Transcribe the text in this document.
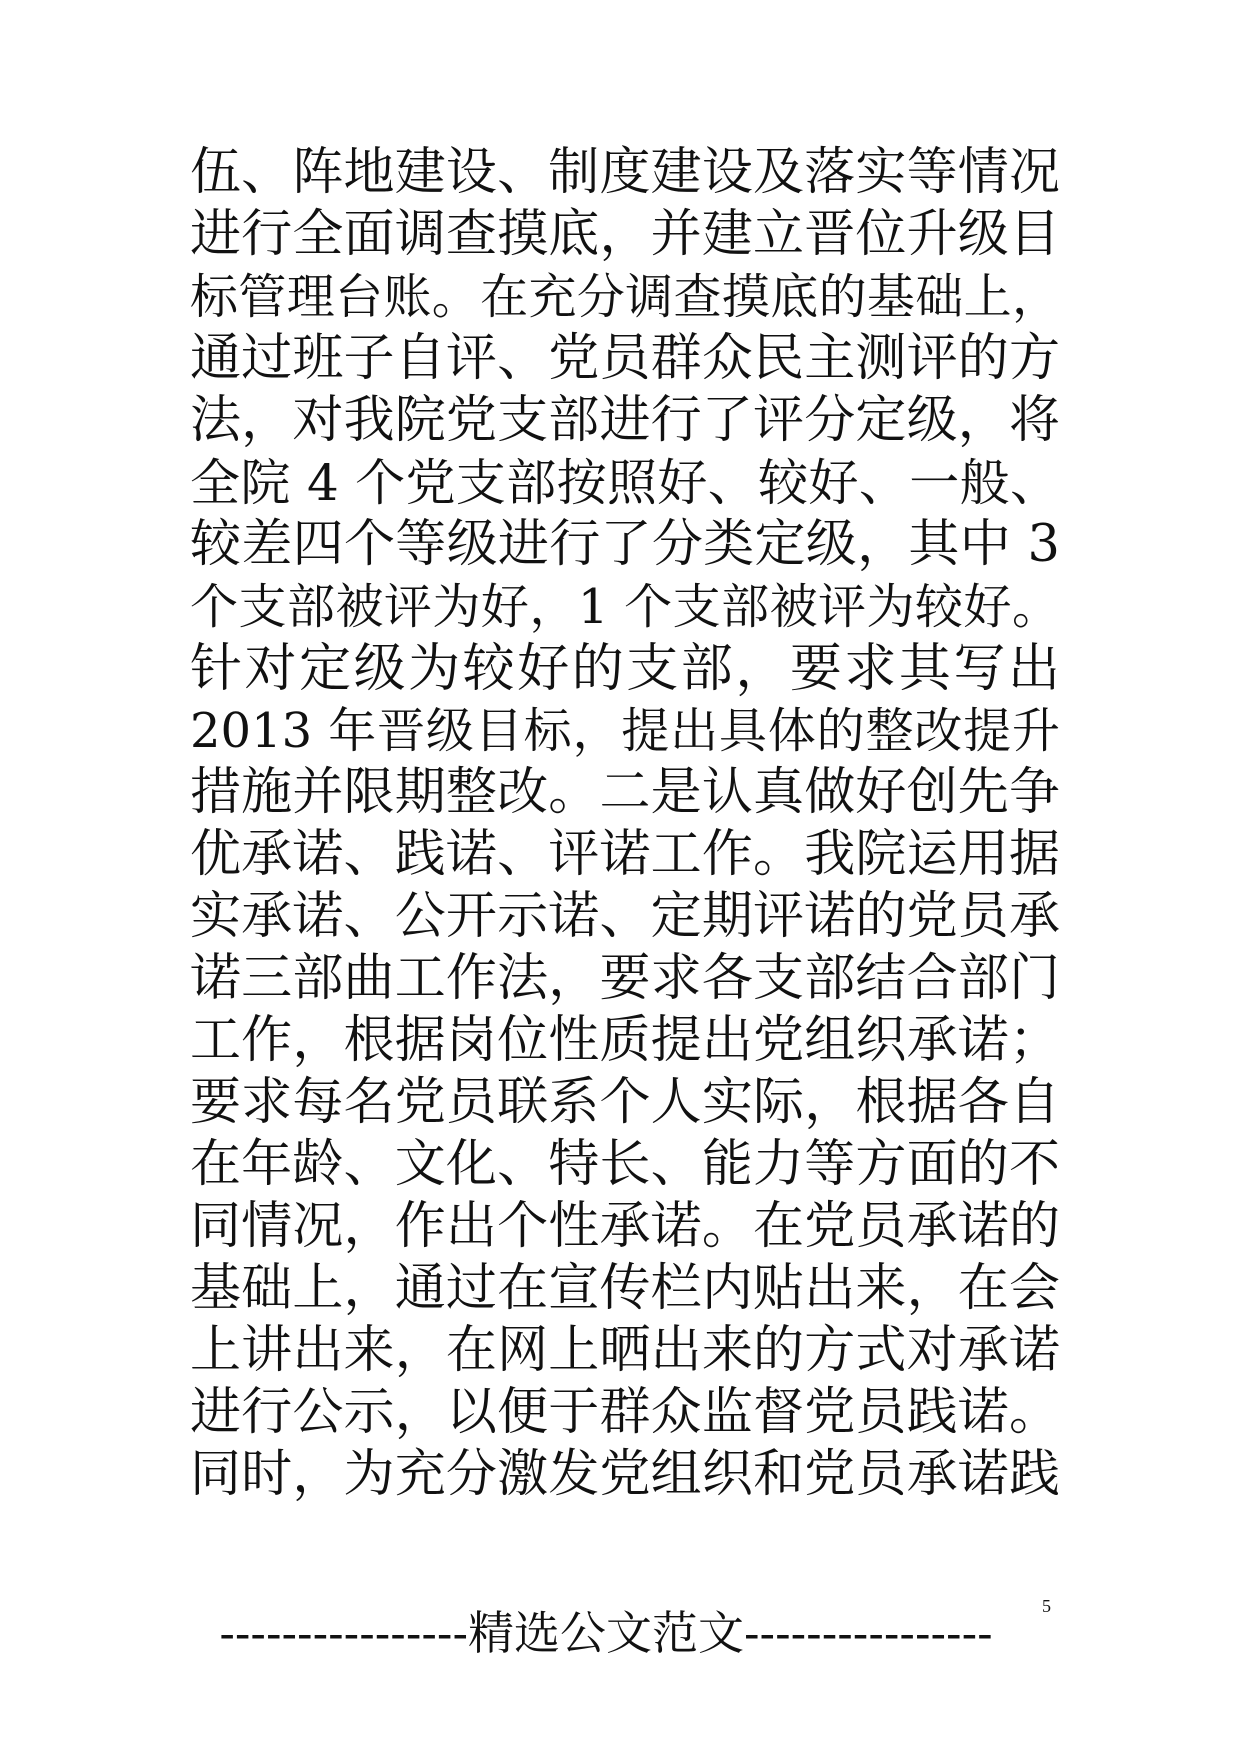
伍、阵地建设、制度建设及落实等情况
进行全面调查摸底，并建立晋位升级目
标管理台账。在充分调查摸底的基础上，
通过班子自评、党员群众民主测评的方
法，对我院党支部进行了评分定级，将
全院 4 个党支部按照好、较好、一般、
较差四个等级进行了分类定级，其中 3
个支部被评为好，1 个支部被评为较好。
针对定级为较好的支部，要求其写出
2013 年晋级目标，提出具体的整改提升
措施并限期整改。二是认真做好创先争
优承诺、践诺、评诺工作。我院运用据
实承诺、公开示诺、定期评诺的党员承
诺三部曲工作法，要求各支部结合部门
工作，根据岗位性质提出党组织承诺；
要求每名党员联系个人实际，根据各自
在年龄、文化、特长、能力等方面的不
同情况，作出个性承诺。在党员承诺的
基础上，通过在宣传栏内贴出来，在会
上讲出来，在网上晒出来的方式对承诺
进行公示，以便于群众监督党员践诺。
同时，为充分激发党组织和党员承诺践
----------------精选公文范文----------------	5
